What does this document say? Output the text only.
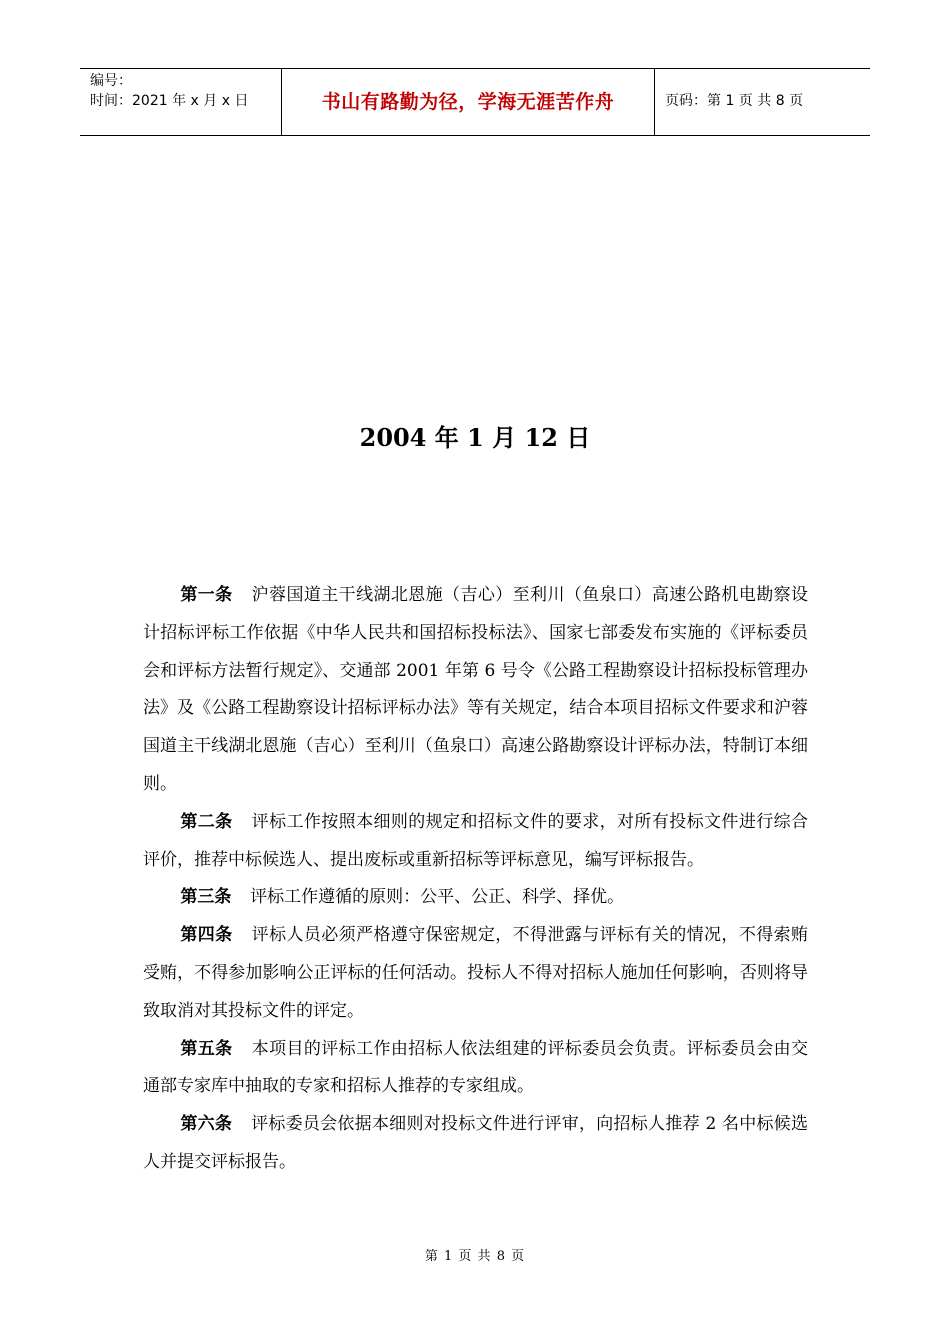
编号：
时间：2021 年 x 月 x 日	书山有路勤为径，学海无涯苦作舟	页码：第 1 页 共 8 页
2004 年 1 月 12 日

第一条 沪蓉国道主干线湖北恩施（吉心）至利川（鱼泉口）高速公路机电勘察设计招标评标工作依据《中华人民共和国招标投标法》、国家七部委发布实施的《评标委员会和评标方法暂行规定》、交通部 2001 年第 6 号令《公路工程勘察设计招标投标管理办法》及《公路工程勘察设计招标评标办法》等有关规定，结合本项目招标文件要求和沪蓉国道主干线湖北恩施（吉心）至利川（鱼泉口）高速公路勘察设计评标办法，特制订本细则。

第二条 评标工作按照本细则的规定和招标文件的要求，对所有投标文件进行综合评价，推荐中标候选人、提出废标或重新招标等评标意见，编写评标报告。

第三条 评标工作遵循的原则：公平、公正、科学、择优。

第四条 评标人员必须严格遵守保密规定，不得泄露与评标有关的情况，不得索贿受贿，不得参加影响公正评标的任何活动。投标人不得对招标人施加任何影响，否则将导致取消对其投标文件的评定。

第五条 本项目的评标工作由招标人依法组建的评标委员会负责。评标委员会由交通部专家库中抽取的专家和招标人推荐的专家组成。

第六条 评标委员会依据本细则对投标文件进行评审，向招标人推荐 2 名中标候选人并提交评标报告。

第 1 页 共 8 页
